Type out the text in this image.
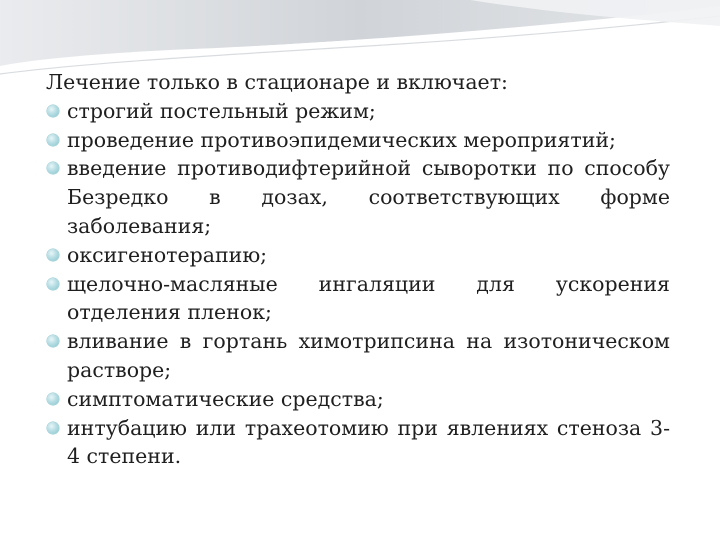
Лечение только в стационаре и включает:

строгий постельный режим;
проведение противоэпидемических мероприятий;
введение противодифтерийной сыворотки по способу Безредко в дозах, соответствующих форме заболевания;
оксигенотерапию;
щелочно-масляные ингаляции для ускорения отделения пленок;
вливание в гортань химотрипсина на изотоническом растворе;
симптоматические средства;
интубацию или трахеотомию при явлениях стеноза 3- 4 степени.
